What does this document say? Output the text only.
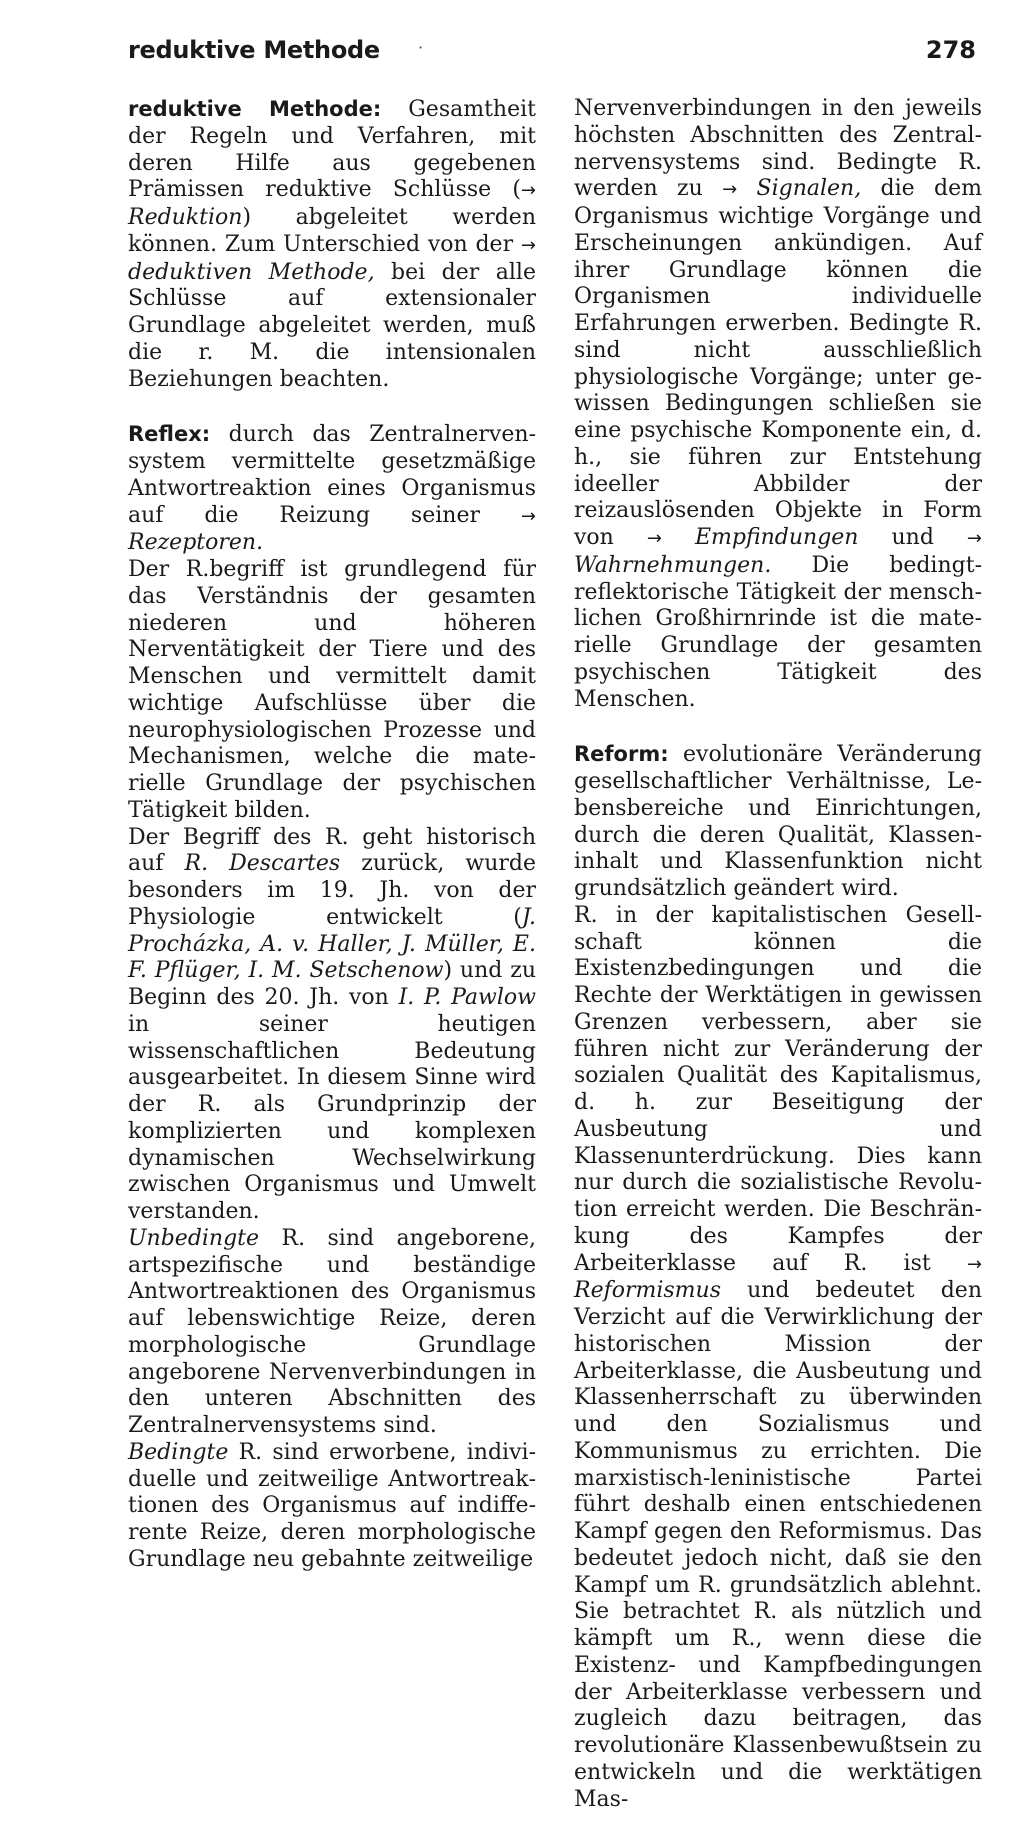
reduktive Methode ·	278

reduktive Methode: Gesamtheit der Regeln und Verfahren, mit deren Hilfe aus gegebenen Prämissen reduktive Schlüsse (→ Reduktion) abgeleitet werden können. Zum Unterschied von der → deduktiven Methode, bei der alle Schlüsse auf extensionaler Grundlage abgeleitet werden, muß die r. M. die intensionalen Beziehungen beachten.

Reflex: durch das Zentralnervensystem vermittelte gesetzmäßige Antwortreaktion eines Organismus auf die Reizung seiner → Rezeptoren.

Der R.begriff ist grundlegend für das Verständnis der gesamten niederen und höheren Nerventätigkeit der Tiere und des Menschen und vermittelt damit wichtige Aufschlüsse über die neurophysiologischen Prozesse und Mechanismen, welche die materielle Grundlage der psychischen Tätigkeit bilden.

Der Begriff des R. geht historisch auf R. Descartes zurück, wurde besonders im 19. Jh. von der Physiologie entwickelt (J. Procházka, A. v. Haller, J. Müller, E. F. Pflüger, I. M. Setschenow) und zu Beginn des 20. Jh. von I. P. Pawlow in seiner heutigen wissenschaftlichen Bedeutung ausgearbeitet. In diesem Sinne wird der R. als Grundprinzip der komplizierten und komplexen dynamischen Wechselwirkung zwischen Organismus und Umwelt verstanden.

Unbedingte R. sind angeborene, artspezifische und beständige Antwortreaktionen des Organismus auf lebenswichtige Reize, deren morphologische Grundlage angeborene Nervenverbindungen in den unteren Abschnitten des Zentralnervensystems sind.

Bedingte R. sind erworbene, individuelle und zeitweilige Antwortreaktionen des Organismus auf indifferente Reize, deren morphologische Grundlage neu gebahnte zeitweilige

Nervenverbindungen in den jeweils höchsten Abschnitten des Zentralnervensystems sind. Bedingte R. werden zu → Signalen, die dem Organismus wichtige Vorgänge und Erscheinungen ankündigen. Auf ihrer Grundlage können die Organismen individuelle Erfahrungen erwerben. Bedingte R. sind nicht ausschließlich physiologische Vorgänge; unter gewissen Bedingungen schließen sie eine psychische Komponente ein, d. h., sie führen zur Entstehung ideeller Abbilder der reizauslösenden Objekte in Form von → Empfindungen und → Wahrnehmungen. Die bedingtreflektorische Tätigkeit der menschlichen Großhirnrinde ist die materielle Grundlage der gesamten psychischen Tätigkeit des Menschen.

Reform: evolutionäre Veränderung gesellschaftlicher Verhältnisse, Lebensbereiche und Einrichtungen, durch die deren Qualität, Klasseninhalt und Klassenfunktion nicht grundsätzlich geändert wird.

R. in der kapitalistischen Gesellschaft können die Existenzbedingungen und die Rechte der Werktätigen in gewissen Grenzen verbessern, aber sie führen nicht zur Veränderung der sozialen Qualität des Kapitalismus, d. h. zur Beseitigung der Ausbeutung und Klassenunterdrückung. Dies kann nur durch die sozialistische Revolution erreicht werden. Die Beschränkung des Kampfes der Arbeiterklasse auf R. ist → Reformismus und bedeutet den Verzicht auf die Verwirklichung der historischen Mission der Arbeiterklasse, die Ausbeutung und Klassenherrschaft zu überwinden und den Sozialismus und Kommunismus zu errichten. Die marxistisch-leninistische Partei führt deshalb einen entschiedenen Kampf gegen den Reformismus. Das bedeutet jedoch nicht, daß sie den Kampf um R. grundsätzlich ablehnt. Sie betrachtet R. als nützlich und kämpft um R., wenn diese die Existenz- und Kampfbedingungen der Arbeiterklasse verbessern und zugleich dazu beitragen, das revolutionäre Klassenbewußtsein zu entwickeln und die werktätigen Mas-
